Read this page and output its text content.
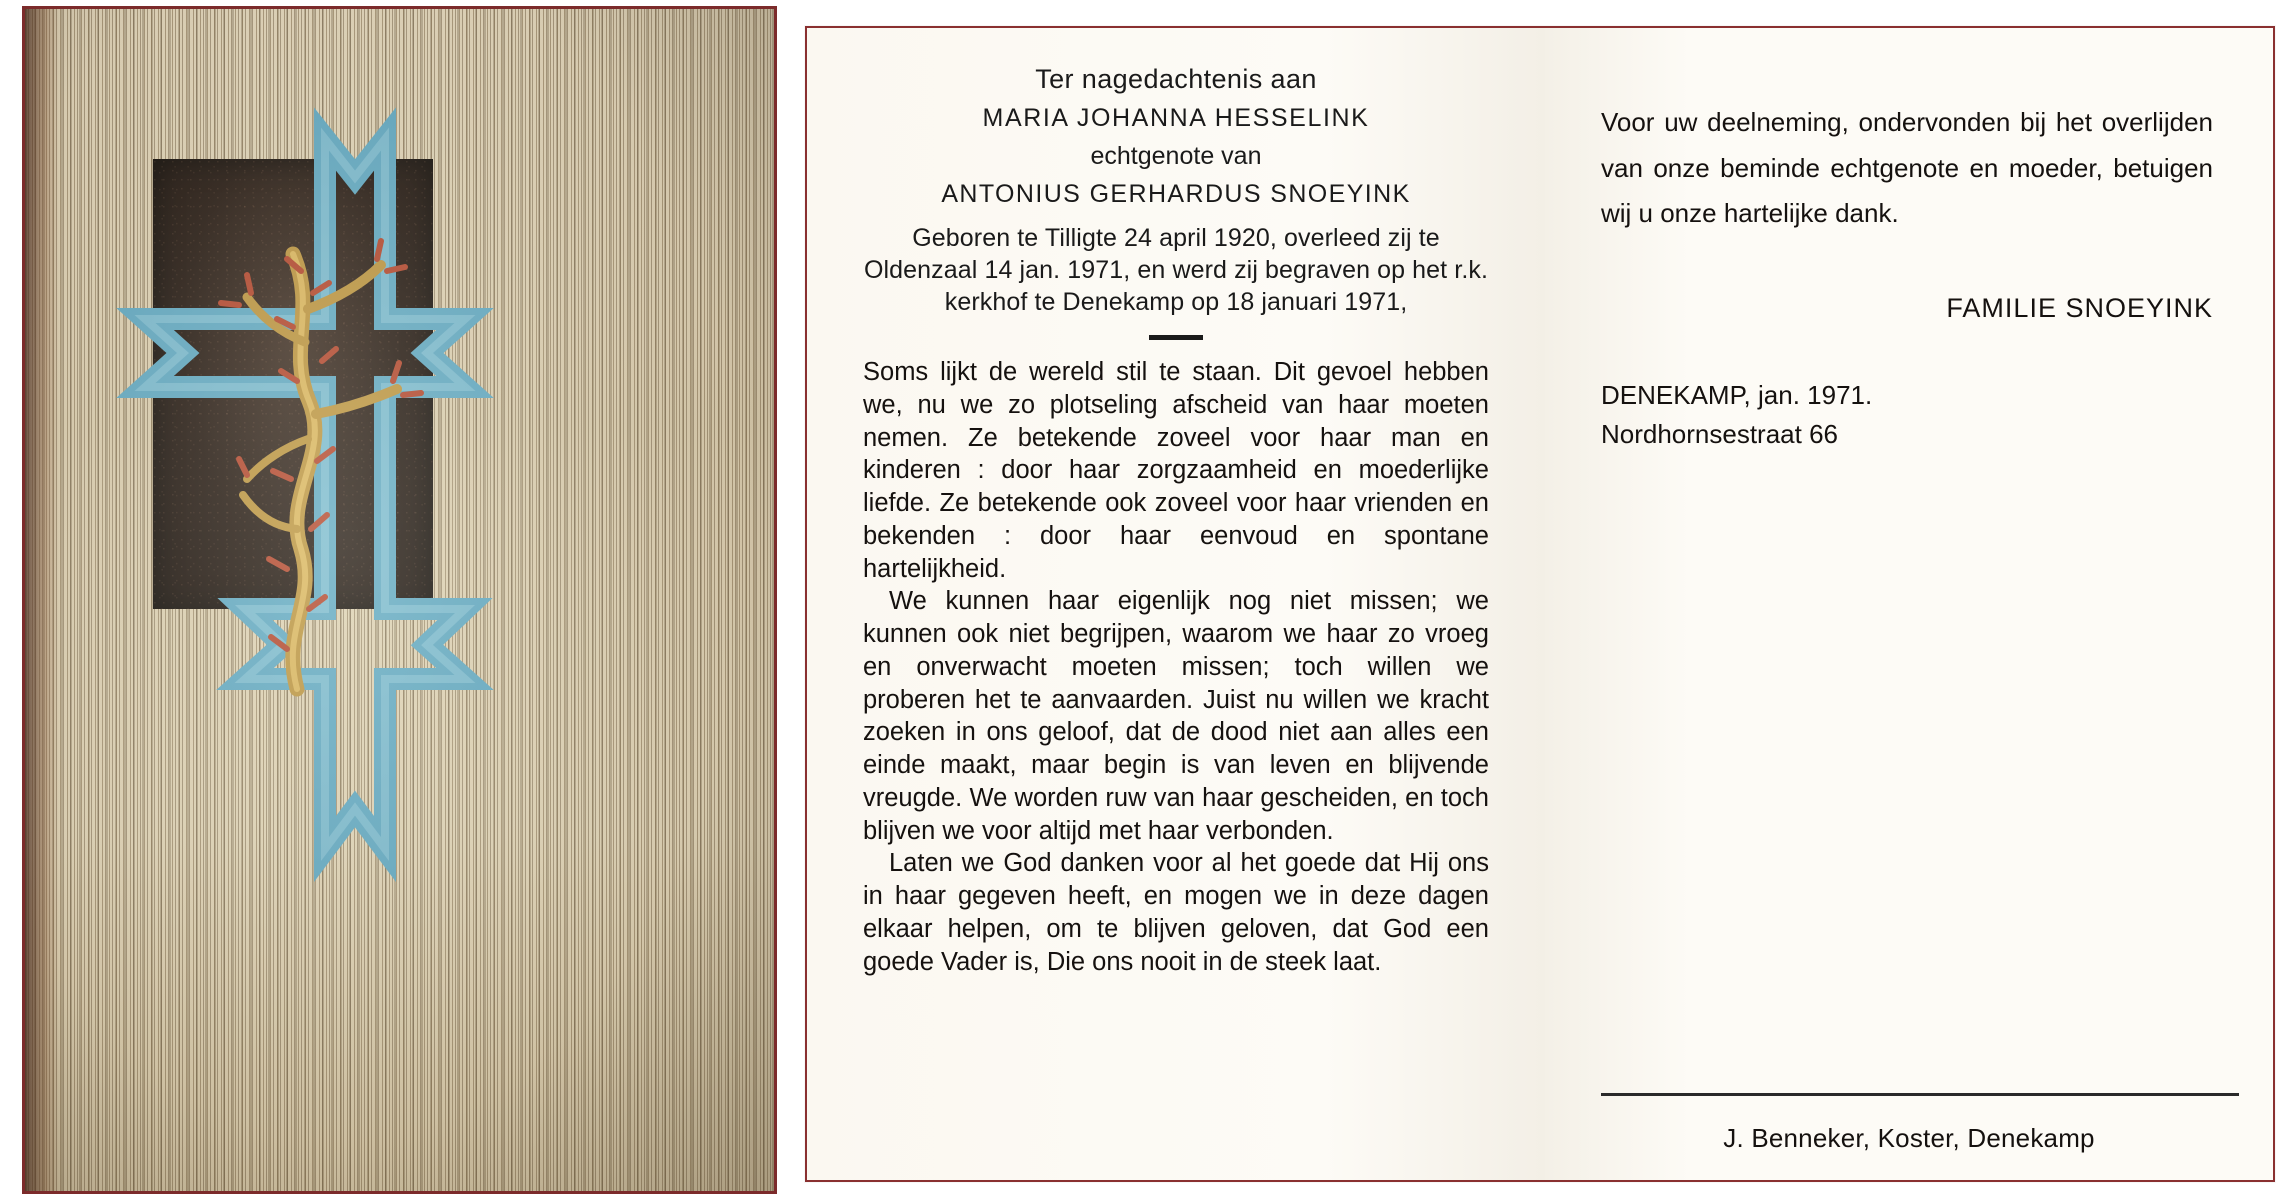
Ter nagedachtenis aan
MARIA JOHANNA HESSELINK
echtgenote van
ANTONIUS GERHARDUS SNOEYINK
Geboren te Tilligte 24 april 1920, overleed zij te Oldenzaal 14 jan. 1971, en werd zij begraven op het r.k. kerkhof te Denekamp op 18 januari 1971,

Soms lijkt de wereld stil te staan. Dit gevoel hebben we, nu we zo plotseling afscheid van haar moeten nemen. Ze betekende zoveel voor haar man en kinderen : door haar zorgzaamheid en moederlijke liefde. Ze betekende ook zoveel voor haar vrienden en bekenden : door haar eenvoud en spontane hartelijkheid.

We kunnen haar eigenlijk nog niet missen; we kunnen ook niet begrijpen, waarom we haar zo vroeg en onverwacht moeten missen; toch willen we proberen het te aanvaarden. Juist nu willen we kracht zoeken in ons geloof, dat de dood niet aan alles een einde maakt, maar begin is van leven en blijvende vreugde. We worden ruw van haar gescheiden, en toch blijven we voor altijd met haar verbonden.

Laten we God danken voor al het goede dat Hij ons in haar gegeven heeft, en mogen we in deze dagen elkaar helpen, om te blijven geloven, dat God een goede Vader is, Die ons nooit in de steek laat.

Voor uw deelneming, ondervonden bij het overlijden van onze beminde echtgenote en moeder, betuigen wij u onze hartelijke dank.
FAMILIE SNOEYINK
DENEKAMP, jan. 1971.
Nordhornsestraat 66
J. Benneker, Koster, Denekamp
